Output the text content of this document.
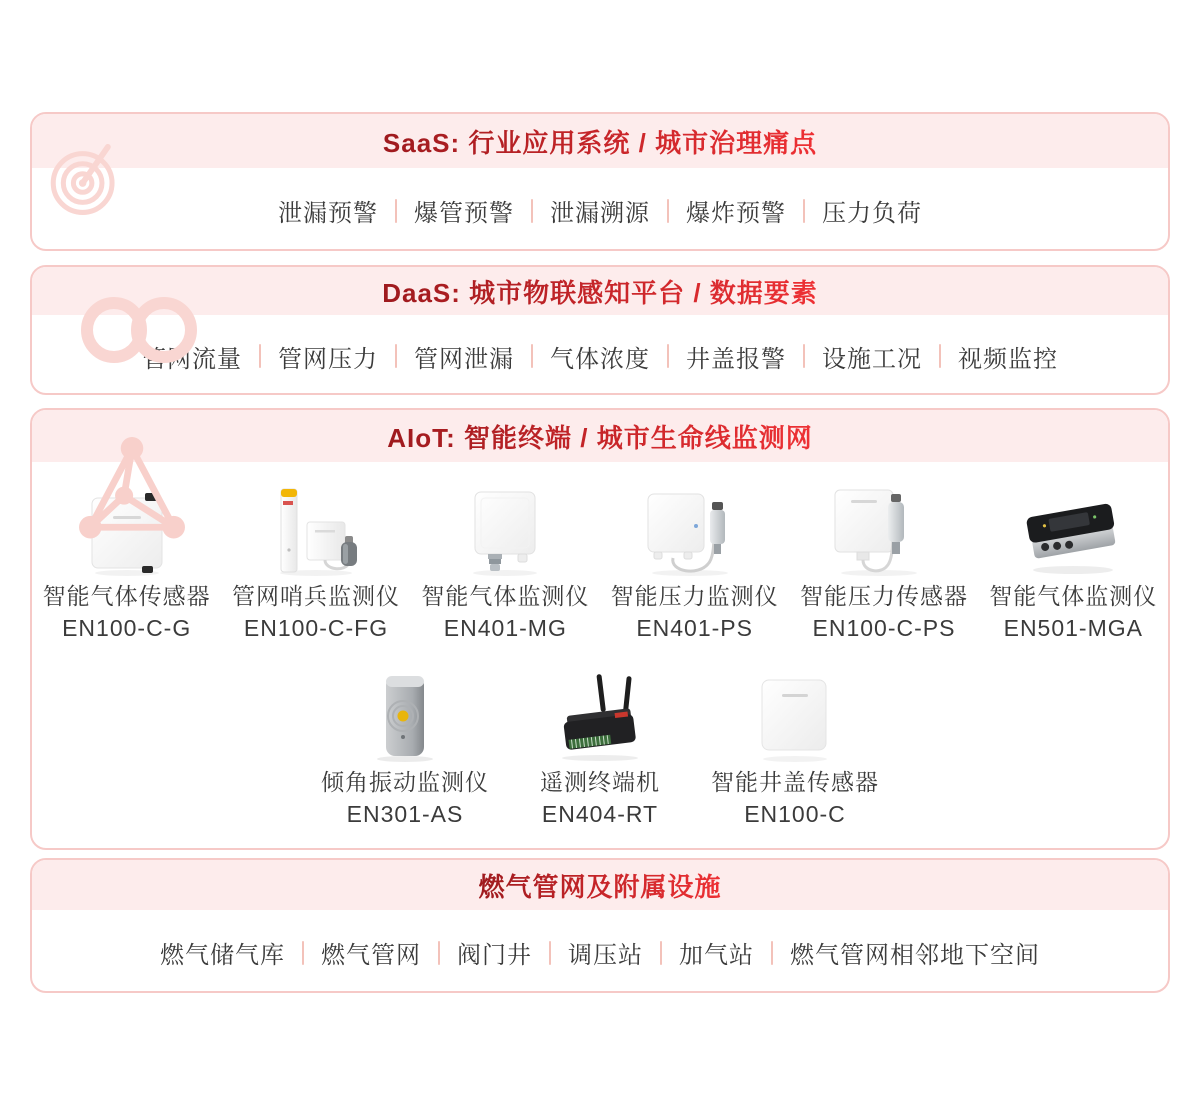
SaaS: 行业应用系统 / 城市治理痛点
泄漏预警 爆管预警 泄漏溯源 爆炸预警 压力负荷
DaaS: 城市物联感知平台 / 数据要素
管网流量 管网压力 管网泄漏 气体浓度 井盖报警 设施工况 视频监控
AIoT: 智能终端 / 城市生命线监测网
智能气体传感器
EN100-C-G
管网哨兵监测仪
EN100-C-FG
智能气体监测仪
EN401-MG
智能压力监测仪
EN401-PS
智能压力传感器
EN100-C-PS
智能气体监测仪
EN501-MGA
倾角振动监测仪
EN301-AS
遥测终端机
EN404-RT
智能井盖传感器
EN100-C
燃气管网及附属设施
燃气储气库 燃气管网 阀门井 调压站 加气站 燃气管网相邻地下空间
